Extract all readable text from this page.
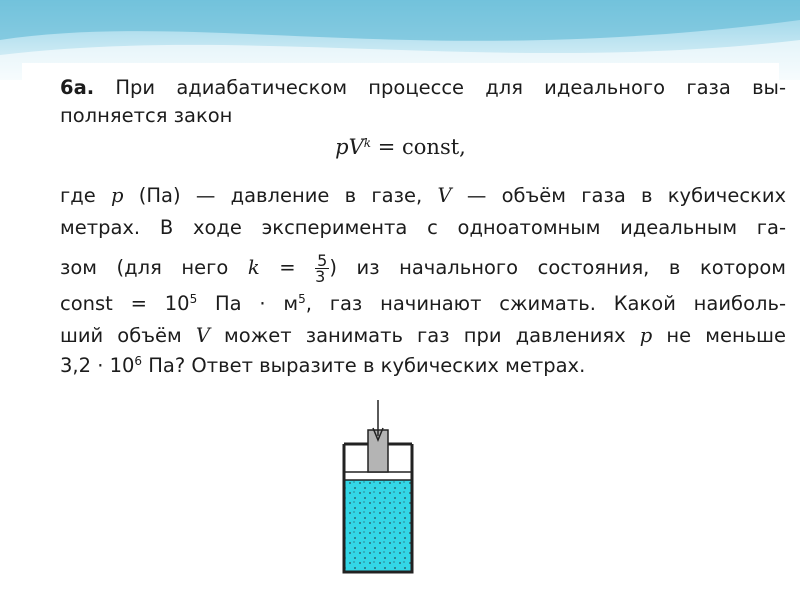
6а. При адиабатическом процессе для идеального газа вы-
полняется закон
$pV^k$ = const,
где p (Па) — давление в газе, V — объём газа в кубических
метрах. В ходе эксперимента с одноатомным идеальным га-
зом (для него $k = \frac{5}{3}$ ) из начального состояния, в котором
const = $10^5$ Па · $м^5$, газ начинают сжимать. Какой наиболь-
ший объём V может занимать газ при давлениях p не меньше
$3,2 \cdot 10^6$ Па? Ответ выразите в кубических метрах.
